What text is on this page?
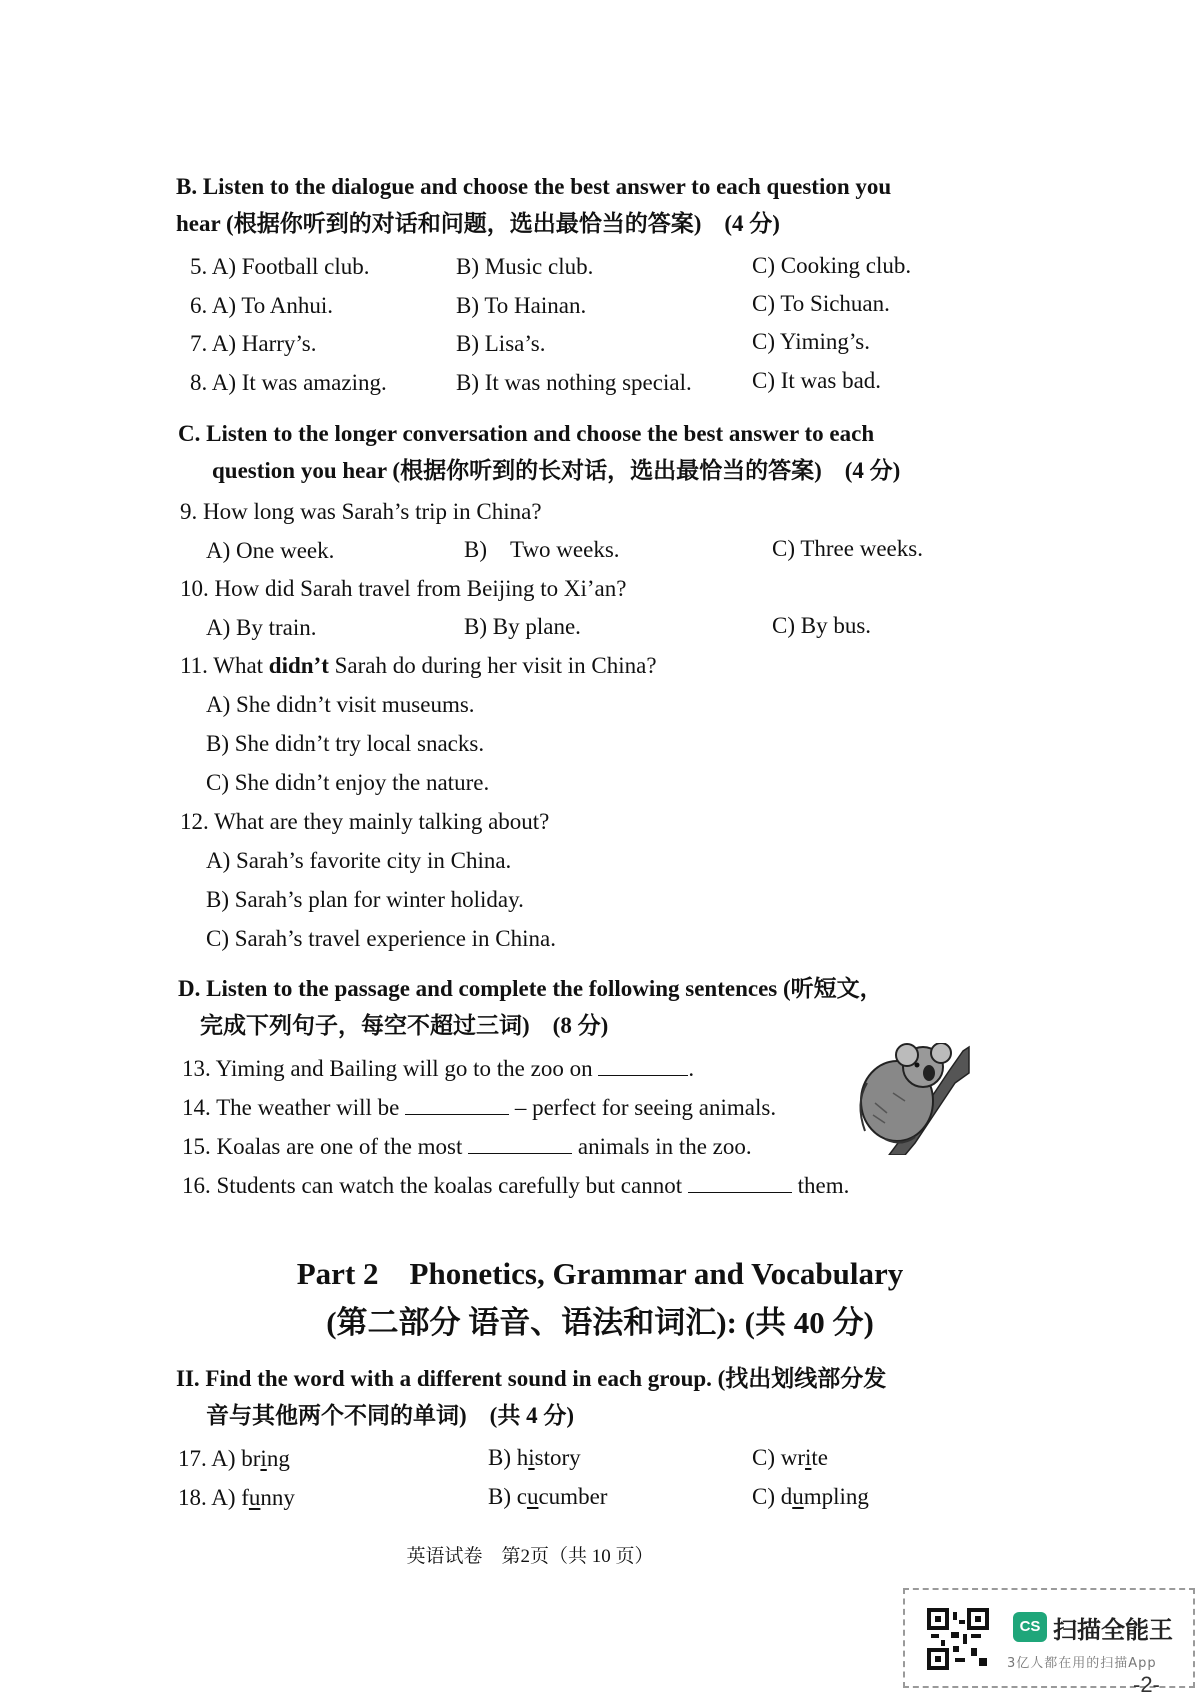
B. Listen to the dialogue and choose the best answer to each question you
hear (根据你听到的对话和问题，选出最恰当的答案)　(4 分)
5. A) Football club.	B) Music club.	C) Cooking club.
6. A) To Anhui.	B) To Hainan.	C) To Sichuan.
7. A) Harry’s.	B) Lisa’s.	C) Yiming’s.
8. A) It was amazing.	B) It was nothing special.	C) It was bad.
C. Listen to the longer conversation and choose the best answer to each
question you hear (根据你听到的长对话，选出最恰当的答案)　(4 分)
9. How long was Sarah’s trip in China?
A) One week.	B)　Two weeks.	C) Three weeks.
10. How did Sarah travel from Beijing to Xi’an?
A) By train.	B) By plane.	C) By bus.
11. What didn’t Sarah do during her visit in China?
A) She didn’t visit museums.
B) She didn’t try local snacks.
C) She didn’t enjoy the nature.
12. What are they mainly talking about?
A) Sarah’s favorite city in China.
B) Sarah’s plan for winter holiday.
C) Sarah’s travel experience in China.
D. Listen to the passage and complete the following sentences (听短文，
完成下列句子，每空不超过三词)　(8 分)
13. Yiming and Bailing will go to the zoo on	.
14. The weather will be	– perfect for seeing animals.
15. Koalas are one of the most	animals in the zoo.
16. Students can watch the koalas carefully but cannot	them.
Part 2　Phonetics, Grammar and Vocabulary
(第二部分 语音、语法和词汇): (共 40 分)
II. Find the word with a different sound in each group. (找出划线部分发
音与其他两个不同的单词)　(共 4 分)
17. A) bring	B) history	C) write
18. A) funny	B) cucumber	C) dumpling
英语试卷　第2页（共 10 页）
CS 扫描全能王
3亿人都在用的扫描App
-2-
